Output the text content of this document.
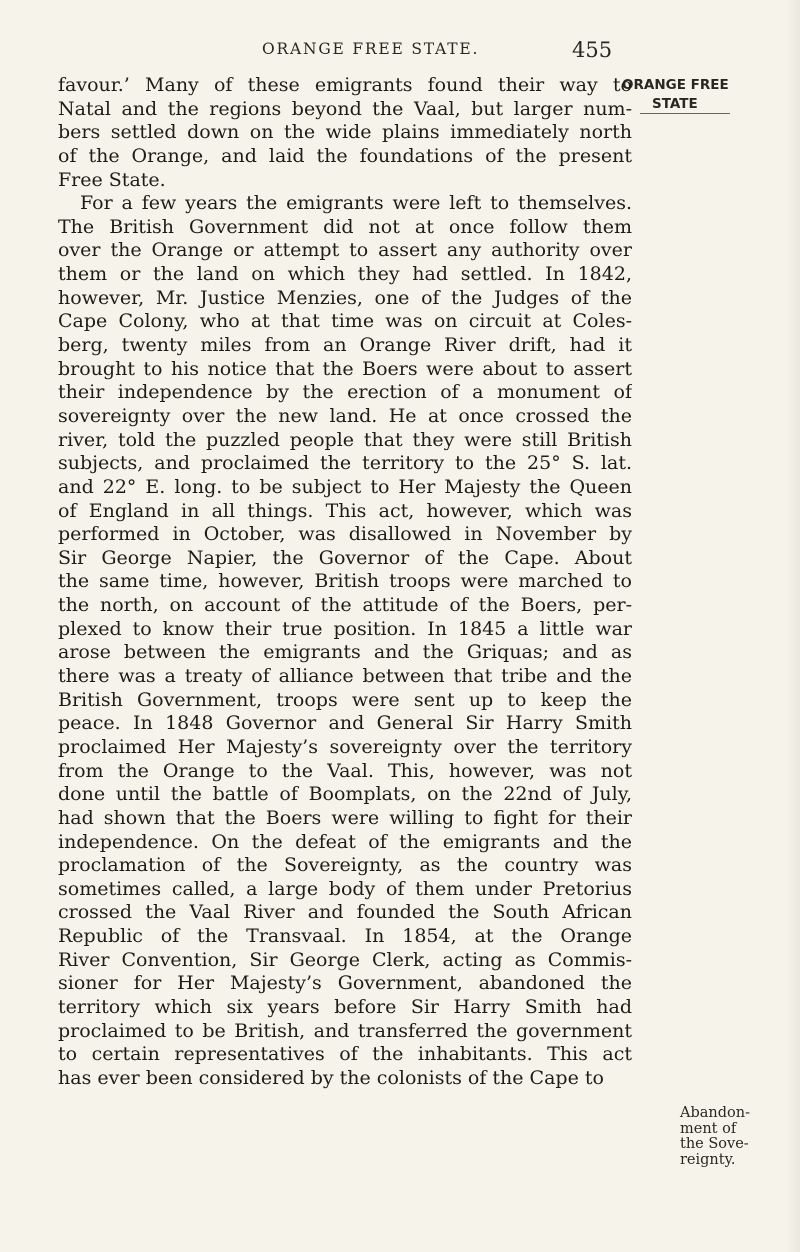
ORANGE FREE STATE.	455
ORANGE FREE
STATE
favour.’ Many of these emigrants found their way to
Natal and the regions beyond the Vaal, but larger num-
bers settled down on the wide plains immediately north
of the Orange, and laid the foundations of the present
Free State.
For a few years the emigrants were left to themselves.
The British Government did not at once follow them
over the Orange or attempt to assert any authority over
them or the land on which they had settled. In 1842,
however, Mr. Justice Menzies, one of the Judges of the
Cape Colony, who at that time was on circuit at Coles-
berg, twenty miles from an Orange River drift, had it
brought to his notice that the Boers were about to assert
their independence by the erection of a monument of
sovereignty over the new land. He at once crossed the
river, told the puzzled people that they were still British
subjects, and proclaimed the territory to the 25° S. lat.
and 22° E. long. to be subject to Her Majesty the Queen
of England in all things. This act, however, which was
performed in October, was disallowed in November by
Sir George Napier, the Governor of the Cape. About
the same time, however, British troops were marched to
the north, on account of the attitude of the Boers, per-
plexed to know their true position. In 1845 a little war
arose between the emigrants and the Griquas; and as
there was a treaty of alliance between that tribe and the
British Government, troops were sent up to keep the
peace. In 1848 Governor and General Sir Harry Smith
proclaimed Her Majesty’s sovereignty over the territory
from the Orange to the Vaal. This, however, was not
done until the battle of Boomplats, on the 22nd of July,
had shown that the Boers were willing to fight for their
independence. On the defeat of the emigrants and the
proclamation of the Sovereignty, as the country was
sometimes called, a large body of them under Pretorius
crossed the Vaal River and founded the South African
Republic of the Transvaal. In 1854, at the Orange
River Convention, Sir George Clerk, acting as Commis-
sioner for Her Majesty’s Government, abandoned the
territory which six years before Sir Harry Smith had
proclaimed to be British, and transferred the government
to certain representatives of the inhabitants. This act
has ever been considered by the colonists of the Cape to
Abandon-
ment of
the Sove-
reignty.
